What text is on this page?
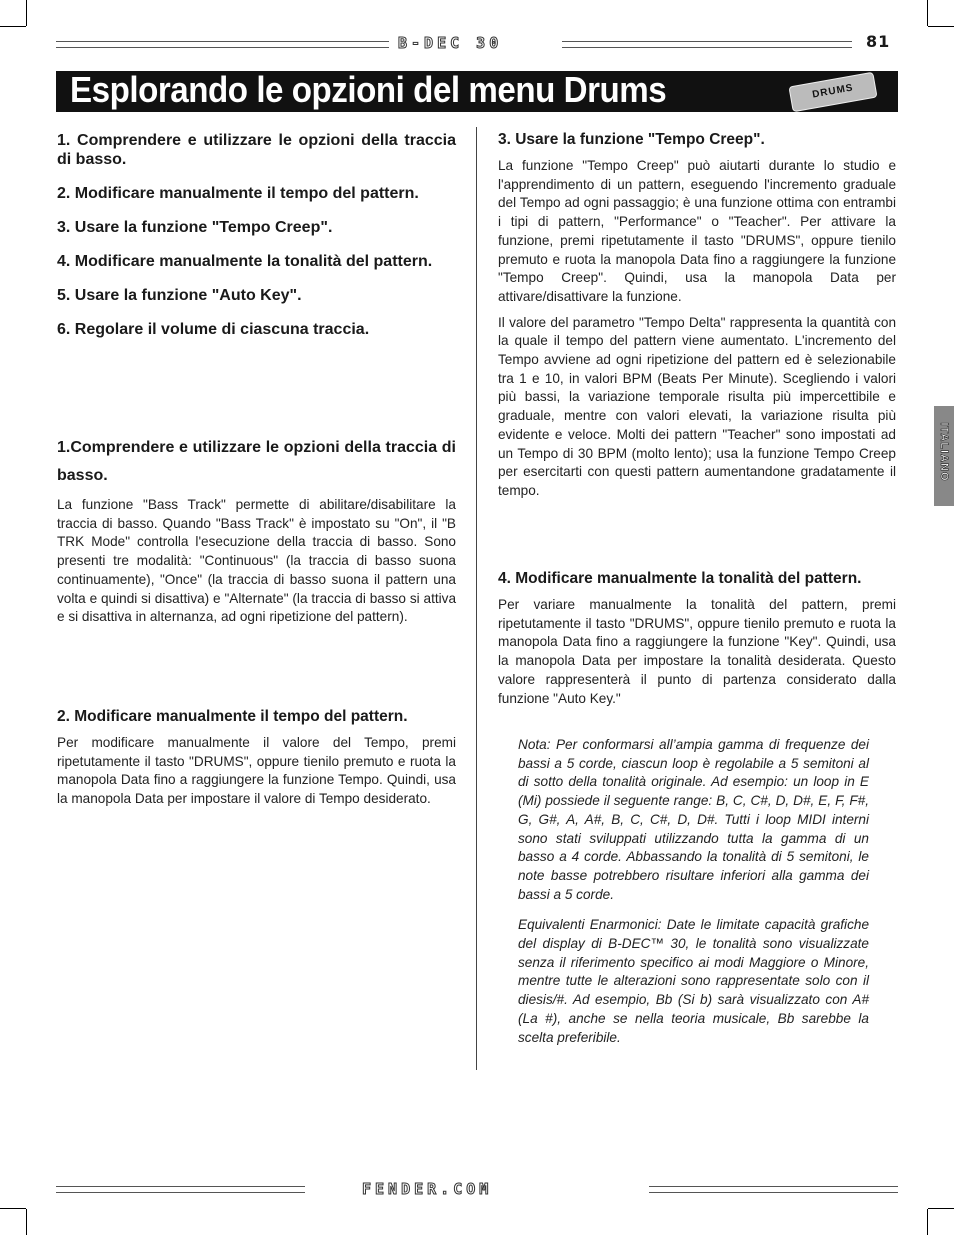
B-DEC 30	81
Esplorando le opzioni del menu Drums	DRUMS

1. Comprendere e utilizzare le opzioni della traccia di basso.

2. Modificare manualmente il tempo del pattern.

3. Usare la funzione "Tempo Creep".

4. Modificare manualmente la tonalità del pattern.

5. Usare la funzione "Auto Key".

6. Regolare il volume di ciascuna traccia.

1.Comprendere e utilizzare le opzioni della traccia di basso.

La funzione "Bass Track" permette di abilitare/disabilitare la traccia di basso. Quando "Bass Track" è impostato su "On", il "B TRK Mode" controlla l'esecuzione della traccia di basso. Sono presenti tre modalità: "Continuous" (la traccia di basso suona continuamente), "Once" (la traccia di basso suona il pattern una volta e quindi si disattiva) e "Alternate" (la traccia di basso si attiva e si disattiva in alternanza, ad ogni ripetizione del pattern).

2. Modificare manualmente il tempo del pattern.

Per modificare manualmente il valore del Tempo, premi ripetutamente il tasto "DRUMS", oppure tienilo premuto e ruota la manopola Data fino a raggiungere la funzione Tempo. Quindi, usa la manopola Data per impostare il valore di Tempo desiderato.

3. Usare la funzione "Tempo Creep".

La funzione "Tempo Creep" può aiutarti durante lo studio e l'apprendimento di un pattern, eseguendo l'incremento graduale del Tempo ad ogni passaggio; è una funzione ottima con entrambi i tipi di pattern, "Performance" o "Teacher". Per attivare la funzione, premi ripetutamente il tasto "DRUMS", oppure tienilo premuto e ruota la manopola Data fino a raggiungere la funzione "Tempo Creep". Quindi, usa la manopola Data per attivare/disattivare la funzione.

Il valore del parametro "Tempo Delta" rappresenta la quantità con la quale il tempo del pattern viene aumentato. L'incremento del Tempo avviene ad ogni ripetizione del pattern ed è selezionabile tra 1 e 10, in valori BPM (Beats Per Minute). Scegliendo i valori più bassi, la variazione temporale risulta più impercettibile e graduale, mentre con valori elevati, la variazione risulta più evidente e veloce. Molti dei pattern "Teacher" sono impostati ad un Tempo di 30 BPM (molto lento); usa la funzione Tempo Creep per esercitarti con questi pattern aumentandone gradatamente il tempo.

4. Modificare manualmente la tonalità del pattern.

Per variare manualmente la tonalità del pattern, premi ripetutamente il tasto "DRUMS", oppure tienilo premuto e ruota la manopola Data fino a raggiungere la funzione "Key". Quindi, usa la manopola Data per impostare la tonalità desiderata. Questo valore rappresenterà il punto di partenza considerato dalla funzione "Auto Key."

Nota: Per conformarsi all’ampia gamma di frequenze dei bassi a 5 corde, ciascun loop è regolabile a 5 semitoni al di sotto della tonalità originale. Ad esempio: un loop in E (Mi) possiede il seguente range: B, C, C#, D, D#, E, F, F#, G, G#, A, A#, B, C, C#, D, D#. Tutti i loop MIDI interni sono stati sviluppati utilizzando tutta la gamma di un basso a 4 corde. Abbassando la tonalità di 5 semitoni, le note basse potrebbero risultare inferiori alla gamma dei bassi a 5 corde.

Equivalenti Enarmonici: Date le limitate capacità grafiche del display di B-DEC™ 30, le tonalità sono visualizzate senza il riferimento specifico ai modi Maggiore o Minore, mentre tutte le alterazioni sono rappresentate solo con il diesis/#. Ad esempio, Bb (Si b) sarà visualizzato con A# (La #), anche se nella teoria musicale, Bb sarebbe la scelta preferibile.

ITALIANO
FENDER.COM
